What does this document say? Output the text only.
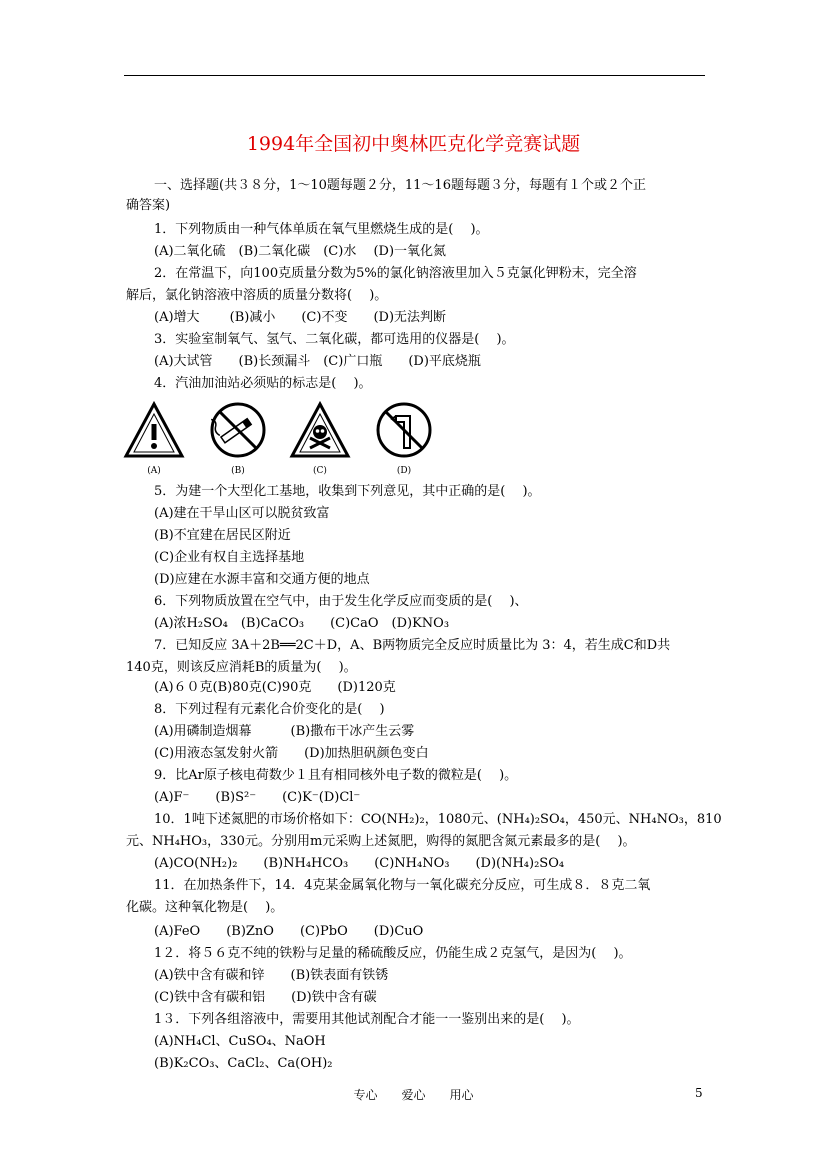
1994年全国初中奥林匹克化学竞赛试题
一、选择题(共３８分，1～10题每题２分，11～16题每题３分，每题有１个或２个正
确答案)
1．下列物质由一种气体单质在氧气里燃烧生成的是(　 )。
(A)二氧化硫　(B)二氧化碳　(C)水　 (D)一氧化氮
2．在常温下，向100克质量分数为5%的氯化钠溶液里加入５克氯化钾粉末，完全溶
解后，氯化钠溶液中溶质的质量分数将(　 )。
(A)增大　　 (B)减小　　(C)不变　　(D)无法判断
3．实验室制氧气、氢气、二氧化碳，都可选用的仪器是(　 )。
(A)大试管　　(B)长颈漏斗　(C)广口瓶　　(D)平底烧瓶
4．汽油加油站必须贴的标志是(　 )。
5．为建一个大型化工基地，收集到下列意见，其中正确的是(　 )。
(A)建在干旱山区可以脱贫致富
(B)不宜建在居民区附近
(C)企业有权自主选择基地
(D)应建在水源丰富和交通方便的地点
6．下列物质放置在空气中，由于发生化学反应而变质的是(　 )、
(A)浓H₂SO₄　(B)CaCO₃　　(C)CaO　(D)KNO₃
7．已知反应 3A＋2B══2C＋D，A、B两物质完全反应时质量比为 3：4，若生成C和D共
140克，则该反应消耗B的质量为(　 )。
(A)６０克(B)80克(C)90克　　(D)120克
8．下列过程有元素化合价变化的是(　 )
(A)用磷制造烟幕　　　(B)撒布干冰产生云雾
(C)用液态氢发射火箭　　(D)加热胆矾颜色变白
9．比Ar原子核电荷数少１且有相同核外电子数的微粒是(　 )。
(A)F⁻　　(B)S²⁻　　(C)K⁻(D)Cl⁻
10．1吨下述氮肥的市场价格如下：CO(NH₂)₂，1080元、(NH₄)₂SO₄，450元、NH₄NO₃，810
元、NH₄HO₃，330元。分别用m元采购上述氮肥，购得的氮肥含氮元素最多的是(　 )。
(A)CO(NH₂)₂　　(B)NH₄HCO₃　　(C)NH₄NO₃　　(D)(NH₄)₂SO₄
11．在加热条件下，14．4克某金属氧化物与一氧化碳充分反应，可生成８．８克二氧
化碳。这种氧化物是(　 )。
(A)FeO　　(B)ZnO　　(C)PbO　　(D)CuO
1２．将５６克不纯的铁粉与足量的稀硫酸反应，仍能生成２克氢气，是因为(　 )。
(A)铁中含有碳和锌　　(B)铁表面有铁锈
(C)铁中含有碳和铝　　(D)铁中含有碳
1３．下列各组溶液中，需要用其他试剂配合才能一一鉴别出来的是(　 )。
(A)NH₄Cl、CuSO₄、NaOH
(B)K₂CO₃、CaCl₂、Ca(OH)₂
(A)	(B)	(C)	(D)
专心　　爱心　　用心	5
